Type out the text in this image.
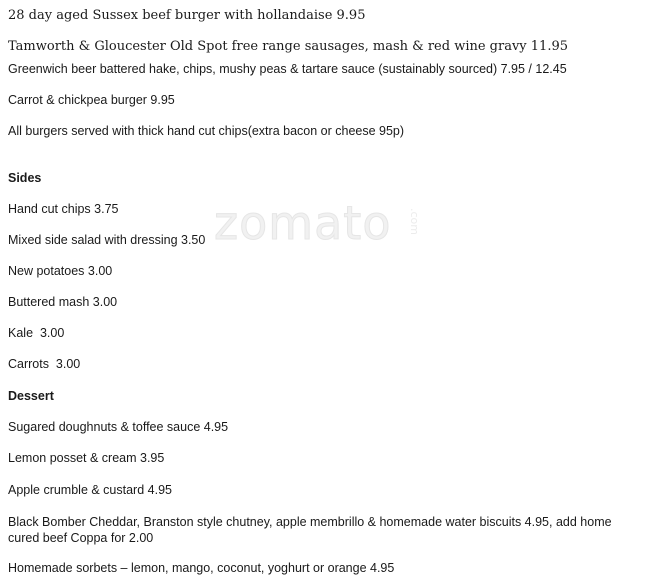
zomato .com

28 day aged Sussex beef burger with hollandaise 9.95

Tamworth & Gloucester Old Spot free range sausages, mash & red wine gravy 11.95

Greenwich beer battered hake, chips, mushy peas & tartare sauce (sustainably sourced) 7.95 / 12.45

Carrot & chickpea burger 9.95

All burgers served with thick hand cut chips(extra bacon or cheese 95p)

Sides

Hand cut chips 3.75

Mixed side salad with dressing 3.50

New potatoes 3.00

Buttered mash 3.00

Kale  3.00

Carrots  3.00

Dessert

Sugared doughnuts & toffee sauce 4.95

Lemon posset & cream 3.95

Apple crumble & custard 4.95

Black Bomber Cheddar, Branston style chutney, apple membrillo & homemade water biscuits 4.95, add home cured beef Coppa for 2.00

Homemade sorbets – lemon, mango, coconut, yoghurt or orange 4.95
